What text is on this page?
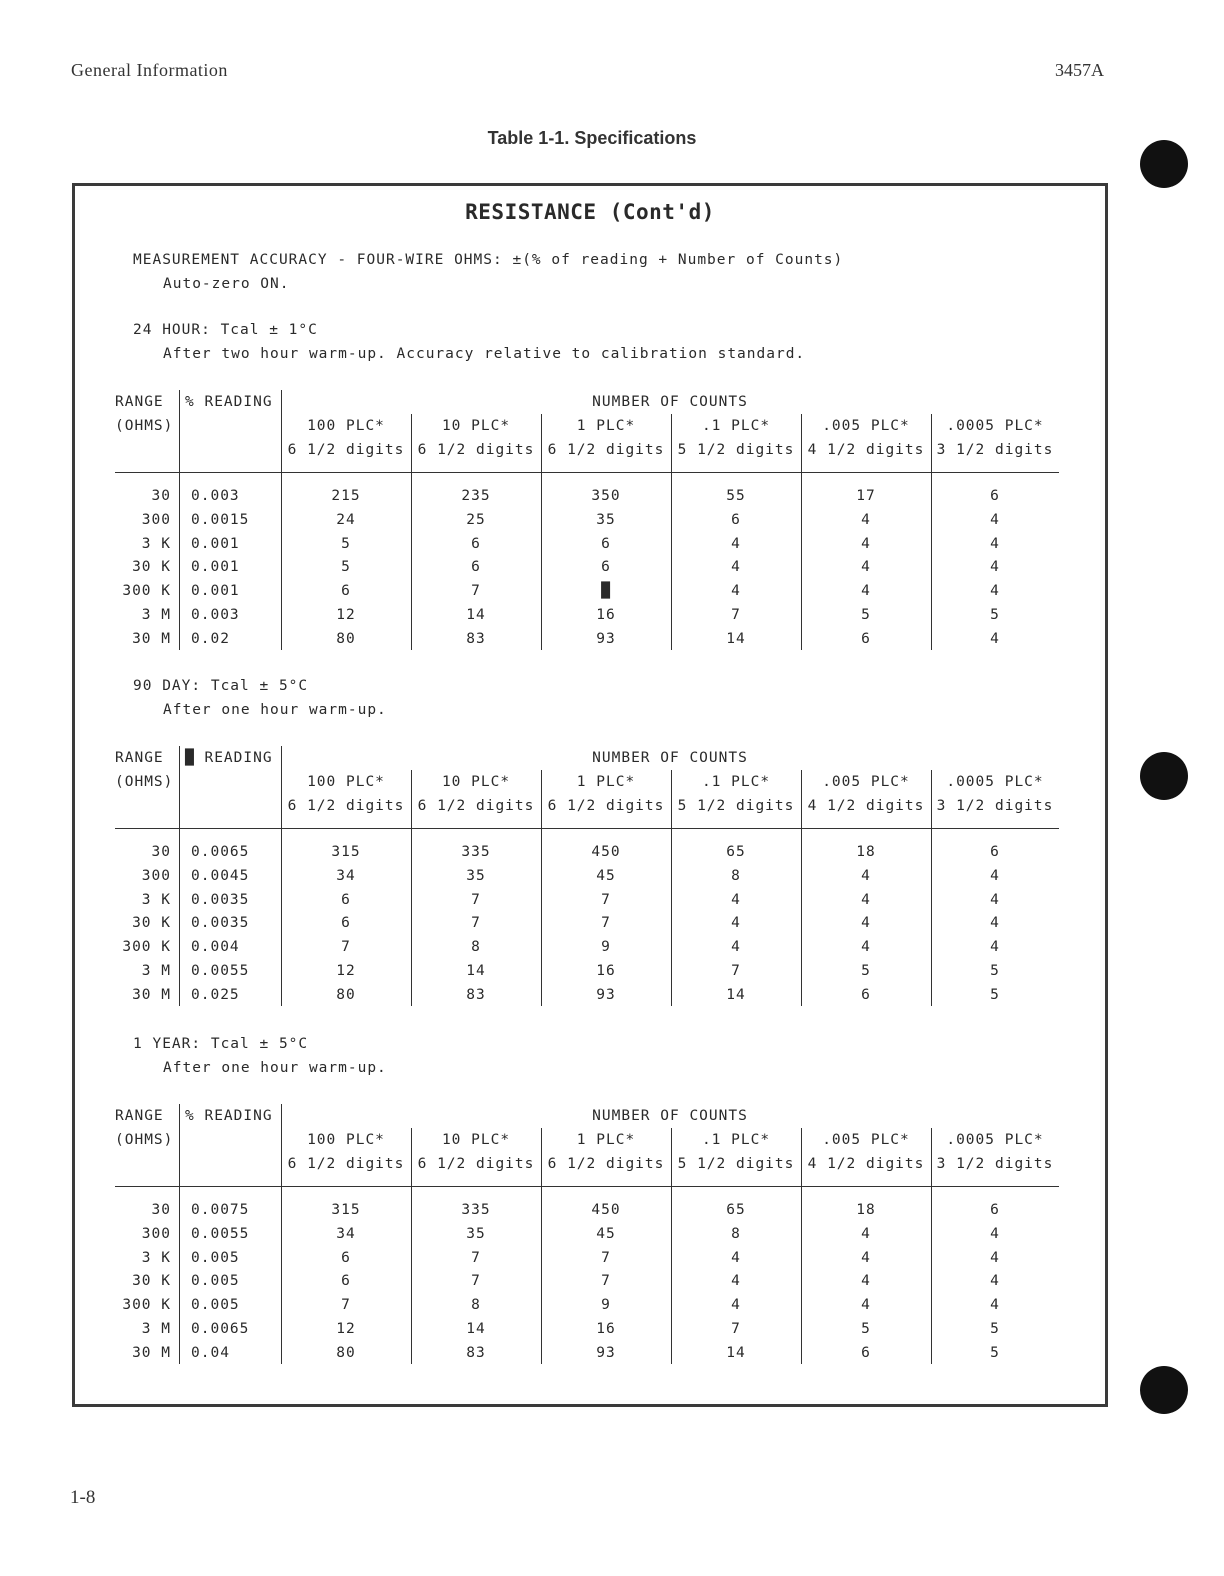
General Information	3457A
Table 1-1. Specifications
RESISTANCE (Cont'd)
MEASUREMENT ACCURACY - FOUR-WIRE OHMS: ±(% of reading + Number of Counts)
Auto-zero ON.
24 HOUR: Tcal ± 1°C
After two hour warm-up. Accuracy relative to calibration standard.
RANGE
(OHMS)
% READING	NUMBER OF COUNTS
100 PLC*	10 PLC*	1 PLC*	.1 PLC*	.005 PLC*	.0005 PLC*
6 1/2 digits 6 1/2 digits 6 1/2 digits 5 1/2 digits 4 1/2 digits 3 1/2 digits
30 0.003	215	235	350	55	17	6
300 0.0015	24	25	35	6	4	4
3 K 0.001	5	6	6	4	4	4
30 K 0.001	5	6	6	4	4	4
300 K 0.001	6	7	█	4	4	4
3 M 0.003	12	14	16	7	5	5
30 M 0.02	80	83	93	14	6	4
90 DAY: Tcal ± 5°C
After one hour warm-up.
RANGE
(OHMS)
█ READING	NUMBER OF COUNTS
100 PLC*	10 PLC*	1 PLC*	.1 PLC*	.005 PLC*	.0005 PLC*
6 1/2 digits 6 1/2 digits 6 1/2 digits 5 1/2 digits 4 1/2 digits 3 1/2 digits
30 0.0065	315	335	450	65	18	6
300 0.0045	34	35	45	8	4	4
3 K 0.0035	6	7	7	4	4	4
30 K 0.0035	6	7	7	4	4	4
300 K 0.004	7	8	9	4	4	4
3 M 0.0055	12	14	16	7	5	5
30 M 0.025	80	83	93	14	6	5
1 YEAR: Tcal ± 5°C
After one hour warm-up.
RANGE
(OHMS)
% READING	NUMBER OF COUNTS
100 PLC*	10 PLC*	1 PLC*	.1 PLC*	.005 PLC*	.0005 PLC*
6 1/2 digits 6 1/2 digits 6 1/2 digits 5 1/2 digits 4 1/2 digits 3 1/2 digits
30 0.0075	315	335	450	65	18	6
300 0.0055	34	35	45	8	4	4
3 K 0.005	6	7	7	4	4	4
30 K 0.005	6	7	7	4	4	4
300 K 0.005	7	8	9	4	4	4
3 M 0.0065	12	14	16	7	5	5
30 M 0.04	80	83	93	14	6	5
1-8
